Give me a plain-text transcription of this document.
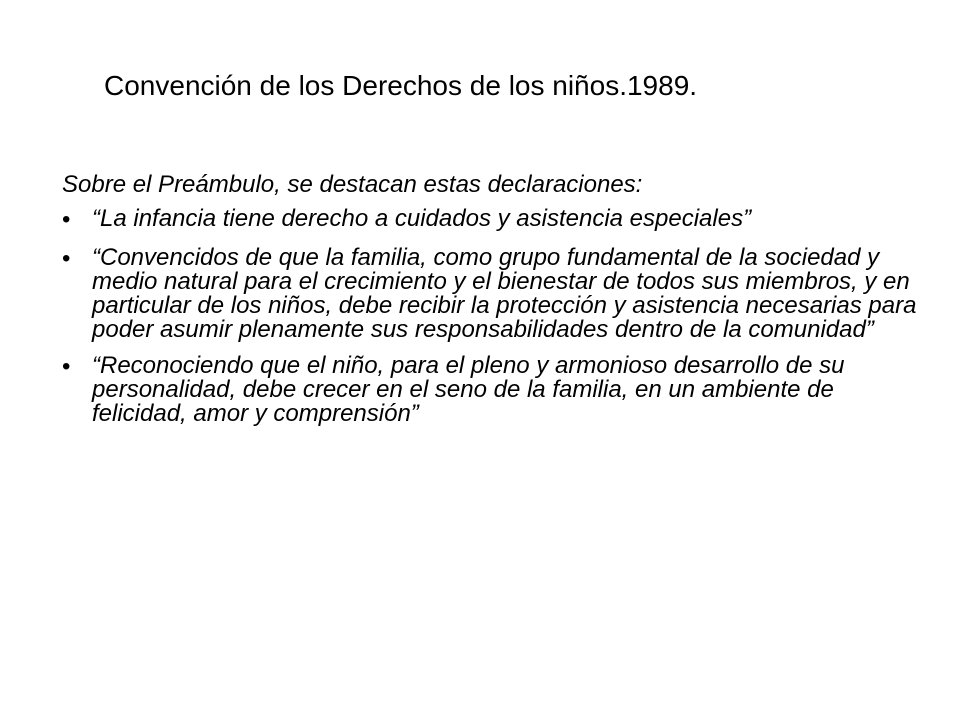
Convención de los Derechos de los niños.1989.

Sobre el Preámbulo, se destacan estas declaraciones:

• “La infancia tiene derecho a cuidados y asistencia especiales”
• “Convencidos de que la familia, como grupo fundamental de la sociedad y medio natural para el crecimiento y el bienestar de todos sus miembros, y en particular de los niños, debe recibir la protección y asistencia necesarias para poder asumir plenamente sus responsabilidades dentro de la comunidad”
• “Reconociendo que el niño, para el pleno y armonioso desarrollo de su personalidad, debe crecer en el seno de la familia, en un ambiente de felicidad, amor y comprensión”
